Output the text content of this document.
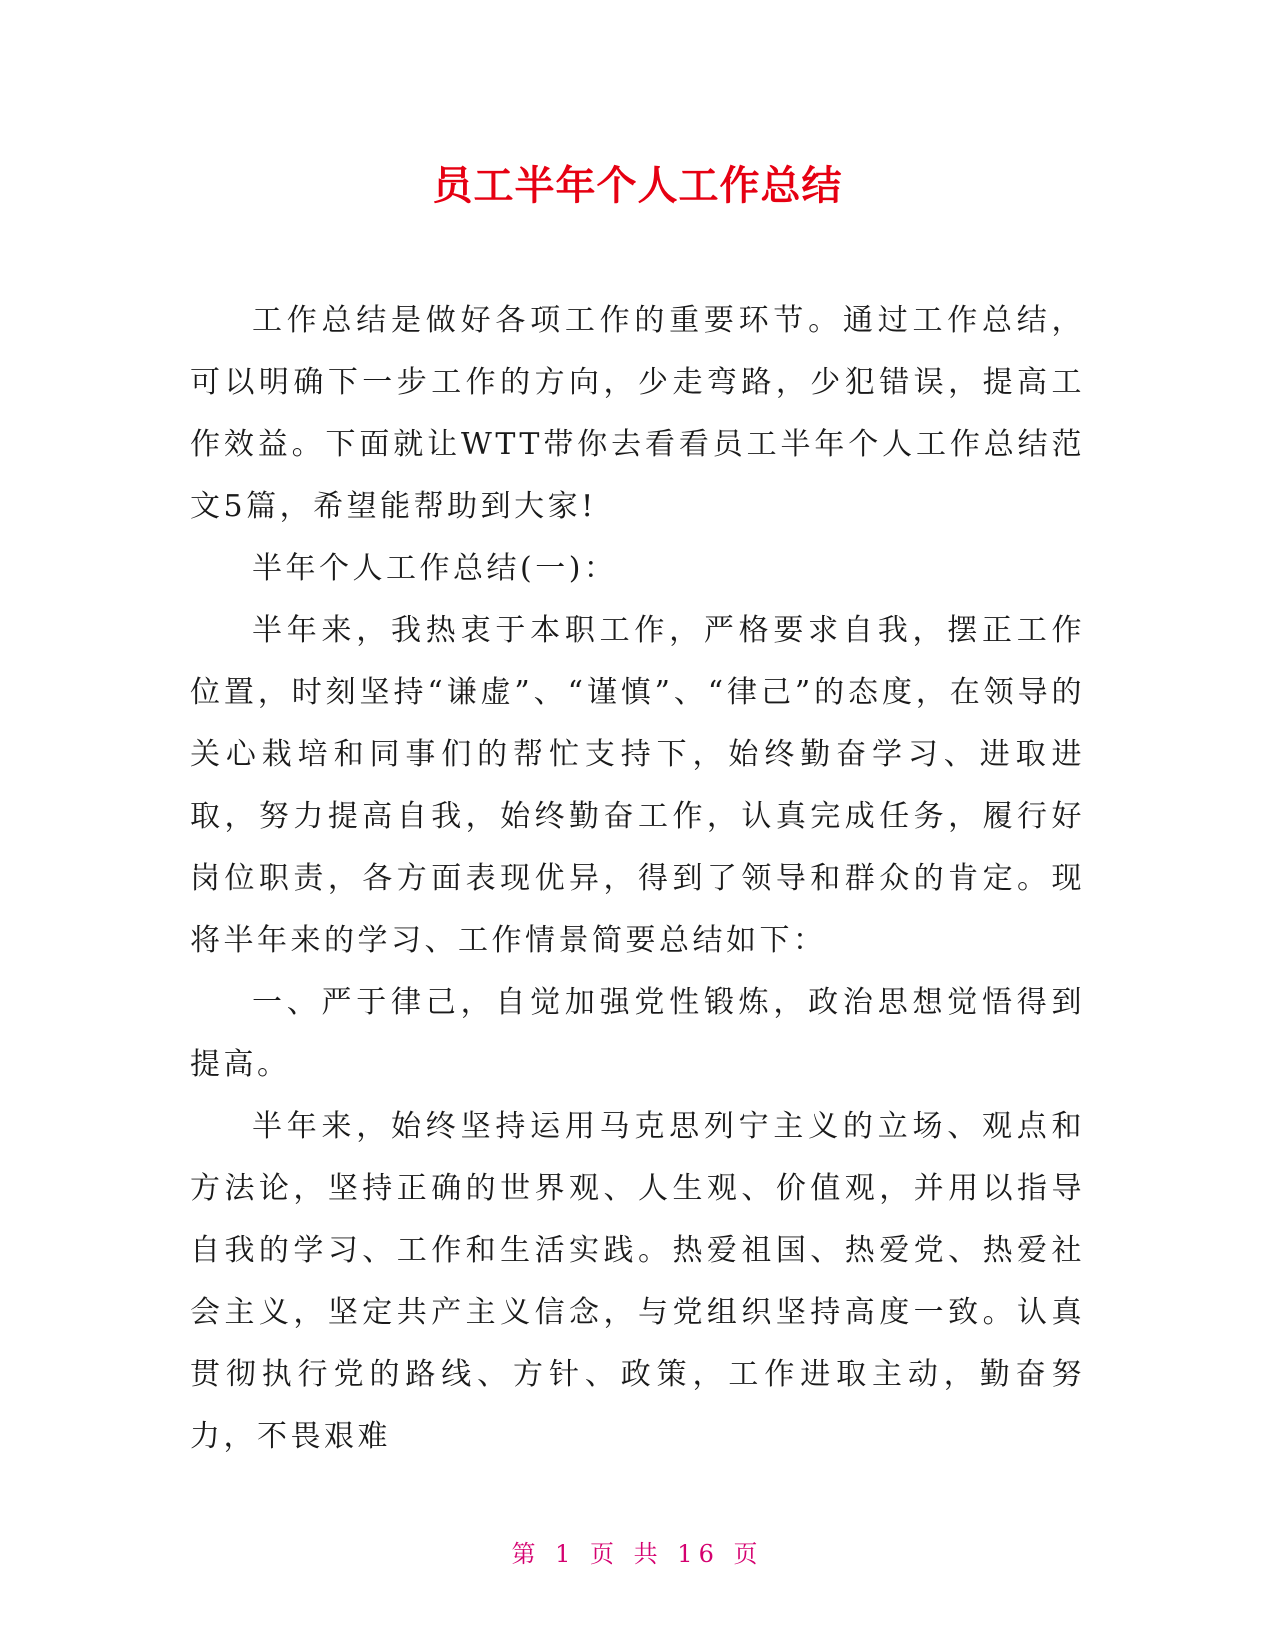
员工半年个人工作总结

工作总结是做好各项工作的重要环节。通过工作总结，可以明确下一步工作的方向，少走弯路，少犯错误，提高工作效益。下面就让WTT带你去看看员工半年个人工作总结范文5篇，希望能帮助到大家!

半年个人工作总结(一)：

半年来，我热衷于本职工作，严格要求自我，摆正工作位置，时刻坚持“谦虚”、“谨慎”、“律己”的态度，在领导的关心栽培和同事们的帮忙支持下，始终勤奋学习、进取进取，努力提高自我，始终勤奋工作，认真完成任务，履行好岗位职责，各方面表现优异，得到了领导和群众的肯定。现将半年来的学习、工作情景简要总结如下：

一、严于律己，自觉加强党性锻炼，政治思想觉悟得到提高。

半年来，始终坚持运用马克思列宁主义的立场、观点和方法论，坚持正确的世界观、人生观、价值观，并用以指导自我的学习、工作和生活实践。热爱祖国、热爱党、热爱社会主义，坚定共产主义信念，与党组织坚持高度一致。认真贯彻执行党的路线、方针、政策，工作进取主动，勤奋努力，不畏艰难

第 1 页 共 16 页
